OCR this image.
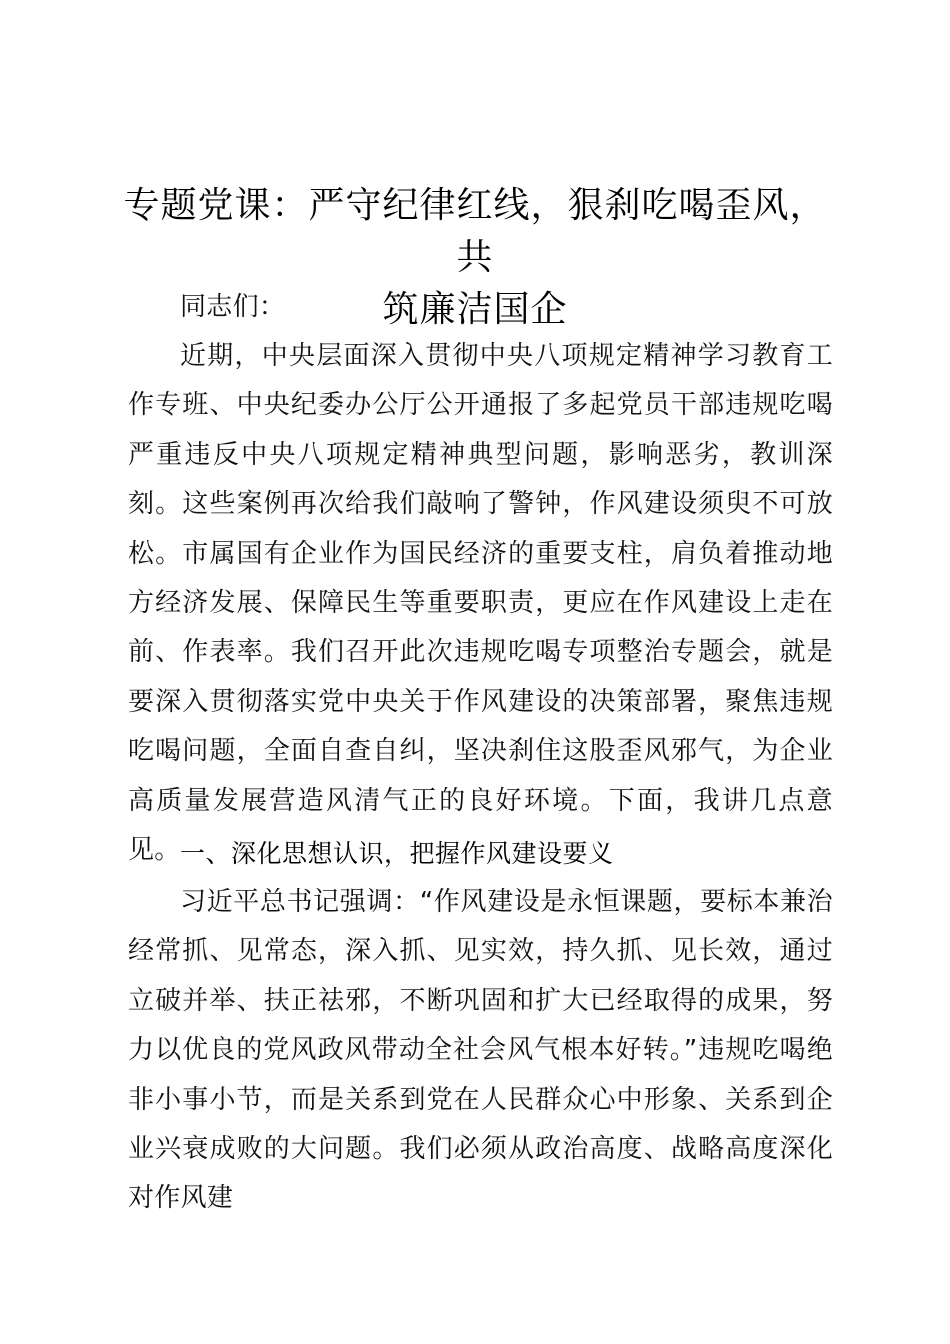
专题党课：严守纪律红线，狠刹吃喝歪风，共
筑廉洁国企

同志们：

近期，中央层面深入贯彻中央八项规定精神学习教育工作专班、中央纪委办公厅公开通报了多起党员干部违规吃喝严重违反中央八项规定精神典型问题，影响恶劣，教训深刻。这些案例再次给我们敲响了警钟，作风建设须臾不可放松。市属国有企业作为国民经济的重要支柱，肩负着推动地方经济发展、保障民生等重要职责，更应在作风建设上走在前、作表率。我们召开此次违规吃喝专项整治专题会，就是要深入贯彻落实党中央关于作风建设的决策部署，聚焦违规吃喝问题，全面自查自纠，坚决刹住这股歪风邪气，为企业高质量发展营造风清气正的良好环境。下面，我讲几点意见。 一、深化思想认识，把握作风建设要义

习近平总书记强调：“作风建设是永恒课题，要标本兼治经常抓、见常态，深入抓、见实效，持久抓、见长效，通过立破并举、扶正祛邪，不断巩固和扩大已经取得的成果，努力以优良的党风政风带动全社会风气根本好转。”违规吃喝绝非小事小节，而是关系到党在人民群众心中形象、关系到企业兴衰成败的大问题。我们必须从政治高度、战略高度深化对作风建
